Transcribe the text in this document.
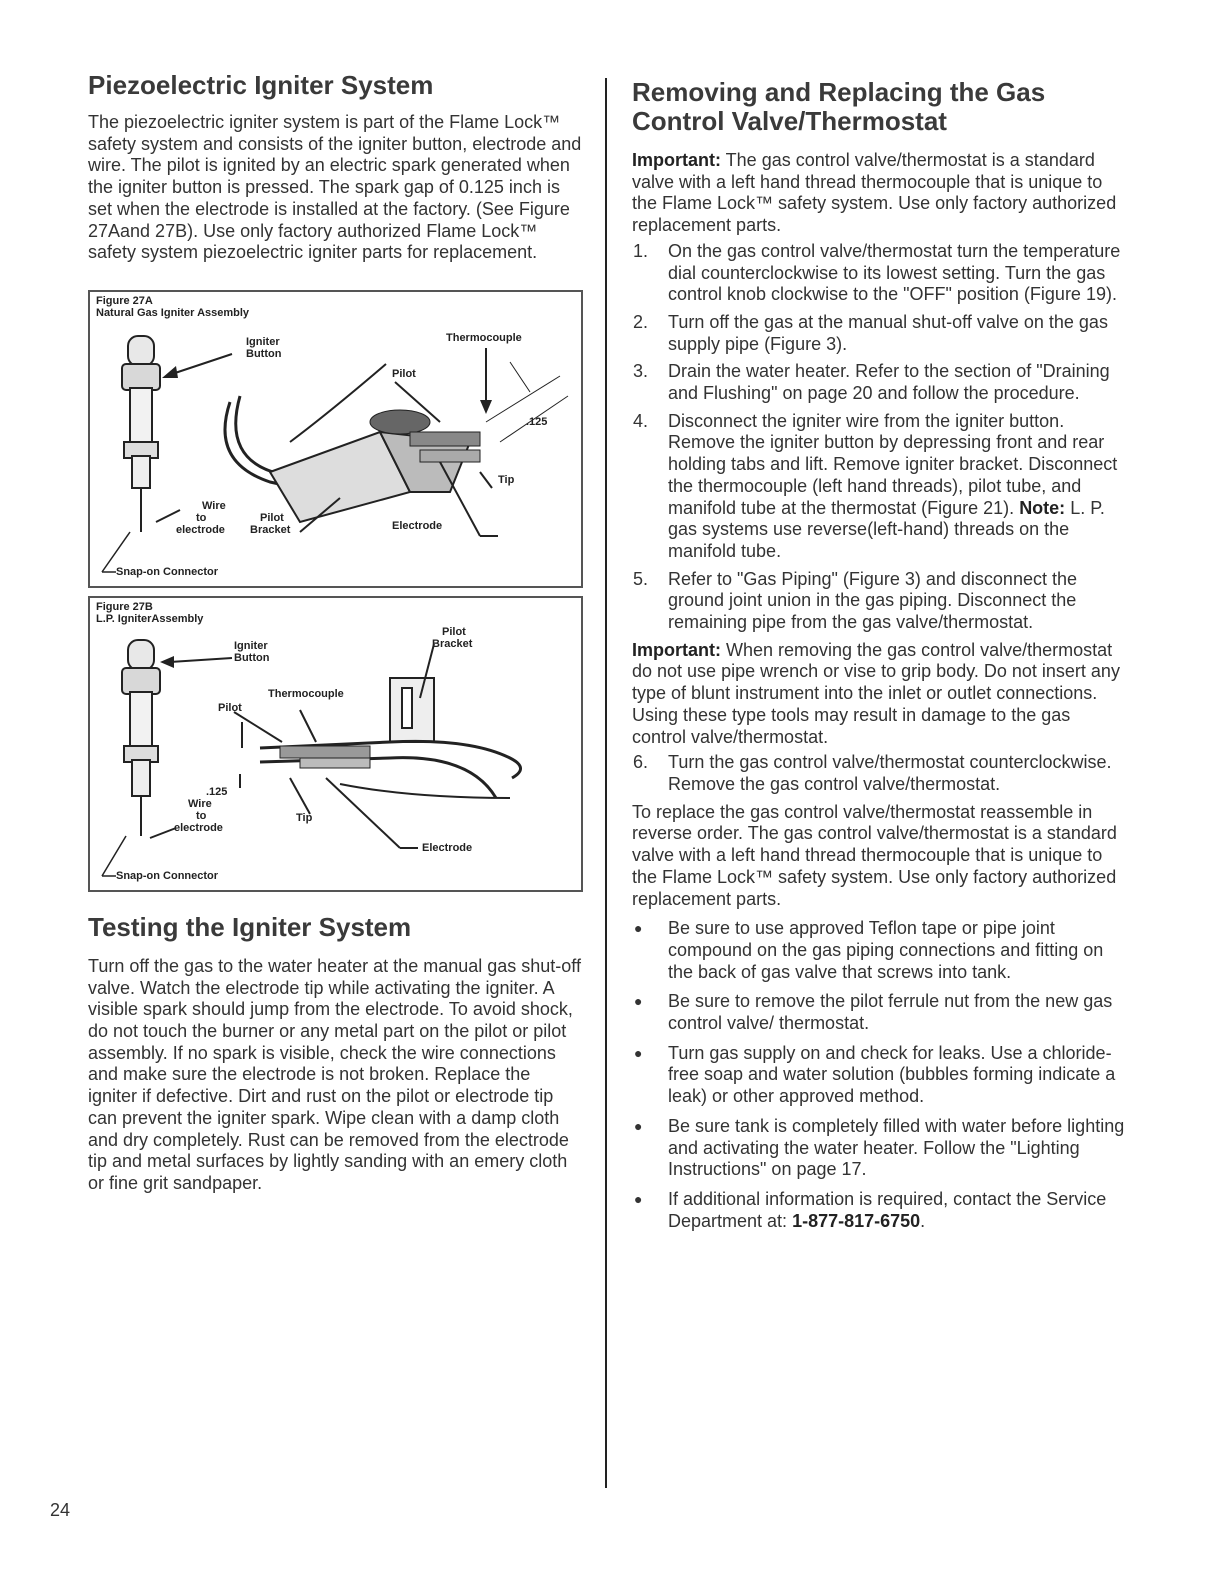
Piezoelectric Igniter System

The piezoelectric igniter system is part of the Flame Lock™ safety system and consists of the igniter button, electrode and wire. The pilot is ignited by an electric spark generated when the igniter button is pressed. The spark gap of 0.125 inch is set when the electrode is installed at the factory. (See Figure 27Aand 27B). Use only factory authorized Flame Lock™ safety system piezoelectric igniter parts for replacement.

Figure 27A
Natural Gas Igniter Assembly
Igniter
Button
Thermocouple
Pilot
.125
Tip
Wire
to
electrode
Pilot
Bracket	Electrode
Snap-on Connector
Figure 27B
L.P. IgniterAssembly
Pilot
Bracket
Igniter
Button
Thermocouple
Pilot
.125
Wire
to
electrode
Tip
Electrode
Snap-on Connector
Testing the Igniter System

Turn off the gas to the water heater at the manual gas shut-off valve. Watch the electrode tip while activating the igniter. A visible spark should jump from the electrode. To avoid shock, do not touch the burner or any metal part on the pilot or pilot assembly. If no spark is visible, check the wire connections and make sure the electrode is not broken. Replace the igniter if defective. Dirt and rust on the pilot or electrode tip can prevent the igniter spark. Wipe clean with a damp cloth and dry completely. Rust can be removed from the electrode tip and metal surfaces by lightly sanding with an emery cloth or fine grit sandpaper.

Removing and Replacing the Gas Control Valve/Thermostat

Important: The gas control valve/thermostat is a standard valve with a left hand thread thermocouple that is unique to the Flame Lock™ safety system. Use only factory authorized replacement parts.

1. On the gas control valve/thermostat turn the temperature dial counterclockwise to its lowest setting. Turn the gas control knob clockwise to the "OFF" position (Figure 19).
2. Turn off the gas at the manual shut-off valve on the gas supply pipe (Figure 3).
3. Drain the water heater. Refer to the section of "Draining and Flushing" on page 20 and follow the procedure.
4. Disconnect the igniter wire from the igniter button. Remove the igniter button by depressing front and rear holding tabs and lift. Remove igniter bracket. Disconnect the thermocouple (left hand threads), pilot tube, and manifold tube at the thermostat (Figure 21). Note: L. P. gas systems use reverse(left-hand) threads on the manifold tube.
5. Refer to "Gas Piping" (Figure 3) and disconnect the ground joint union in the gas piping. Disconnect the remaining pipe from the gas valve/thermostat.

Important: When removing the gas control valve/thermostat do not use pipe wrench or vise to grip body. Do not insert any type of blunt instrument into the inlet or outlet connections. Using these type tools may result in damage to the gas control valve/thermostat.

6. Turn the gas control valve/thermostat counterclockwise. Remove the gas control valve/thermostat.

To replace the gas control valve/thermostat reassemble in reverse order. The gas control valve/thermostat is a standard valve with a left hand thread thermocouple that is unique to the Flame Lock™ safety system. Use only factory authorized replacement parts.

● Be sure to use approved Teflon tape or pipe joint compound on the gas piping connections and fitting on the back of gas valve that screws into tank.
● Be sure to remove the pilot ferrule nut from the new gas control valve/ thermostat.
● Turn gas supply on and check for leaks. Use a chloride-free soap and water solution (bubbles forming indicate a leak) or other approved method.
● Be sure tank is completely filled with water before lighting and activating the water heater. Follow the "Lighting Instructions" on page 17.
● If additional information is required, contact the Service Department at: 1-877-817-6750.
24
